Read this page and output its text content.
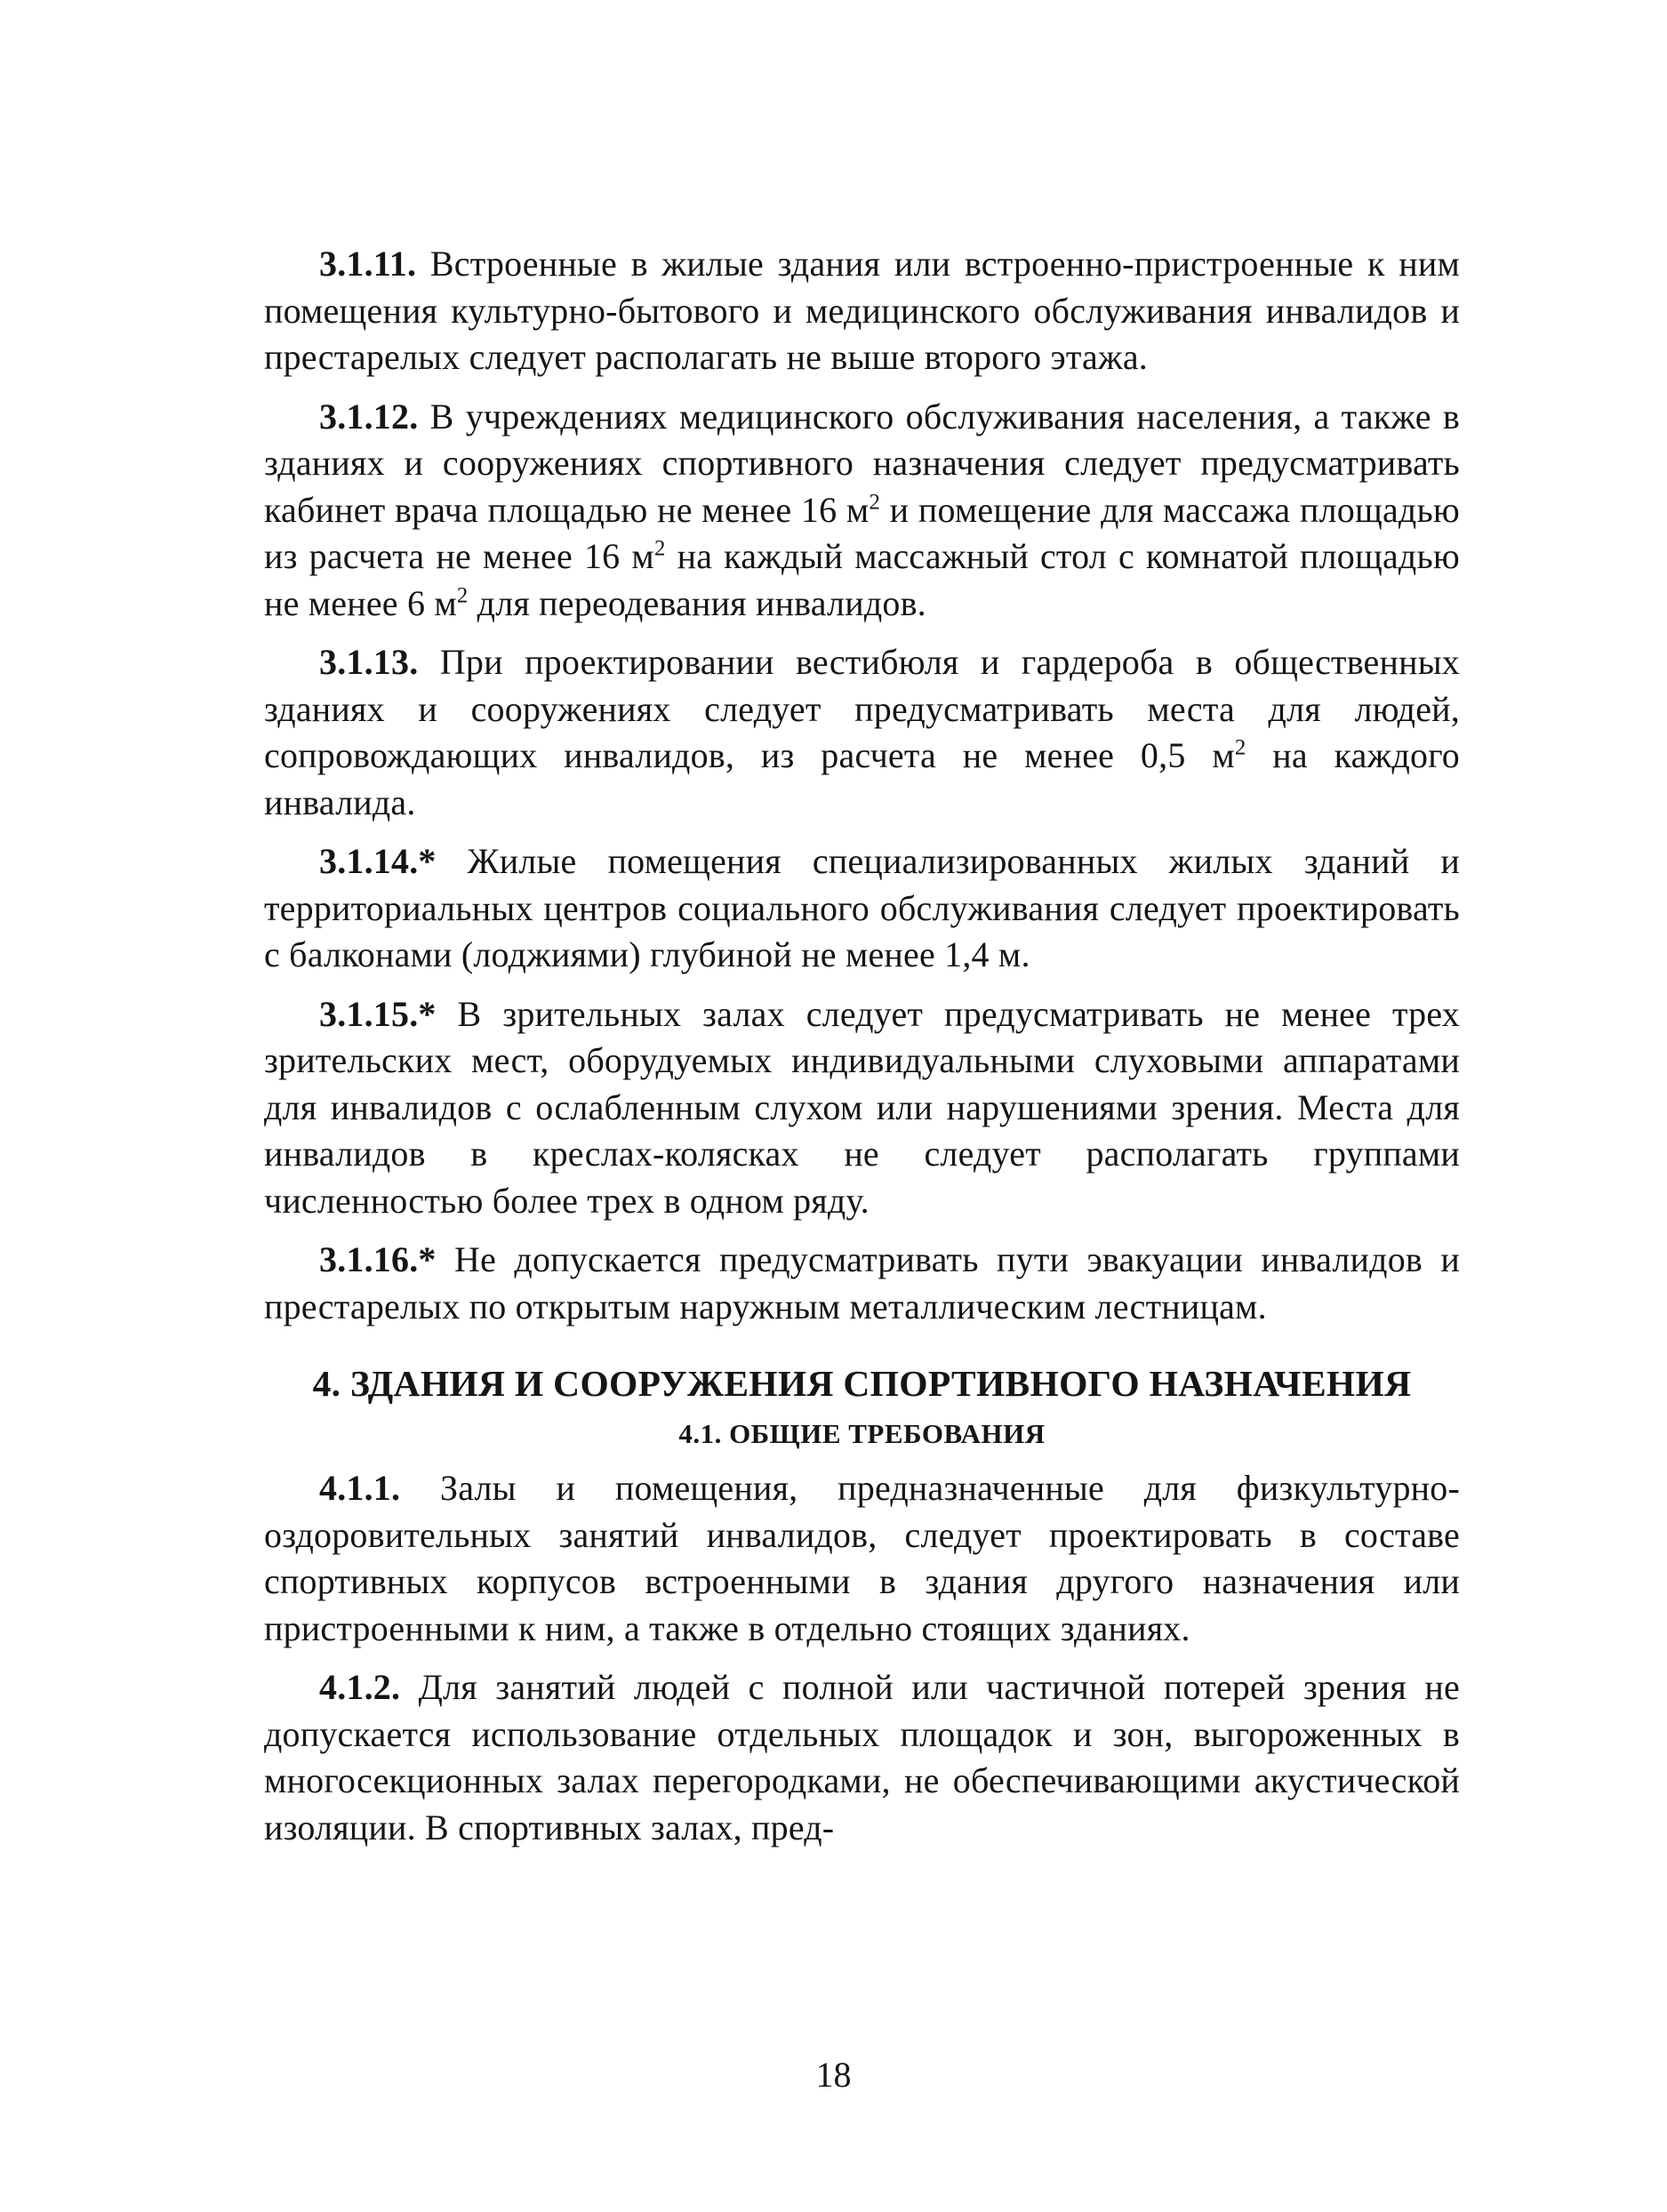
3.1.11. Встроенные в жилые здания или встроенно-пристроенные к ним помещения культурно-бытового и медицинского обслуживания инвалидов и престарелых следует располагать не выше второго этажа.

3.1.12. В учреждениях медицинского обслуживания населения, а также в зданиях и сооружениях спортивного назначения следует предусматривать кабинет врача площадью не менее 16 $м^2$ и помещение для массажа площадью из расчета не менее 16 $м^2$ на каждый массажный стол с комнатой площадью не менее 6 $м^2$ для переодевания инвалидов.

3.1.13. При проектировании вестибюля и гардероба в общественных зданиях и сооружениях следует предусматривать места для людей, сопровождающих инвалидов, из расчета не менее 0,5 $м^2$ на каждого инвалида.

3.1.14.* Жилые помещения специализированных жилых зданий и территориальных центров социального обслуживания следует проектировать с балконами (лоджиями) глубиной не менее 1,4 м.

3.1.15.* В зрительных залах следует предусматривать не менее трех зрительских мест, оборудуемых индивидуальными слуховыми аппаратами для инвалидов с ослабленным слухом или нарушениями зрения. Места для инвалидов в креслах-колясках не следует располагать группами численностью более трех в одном ряду.

3.1.16.* Не допускается предусматривать пути эвакуации инвалидов и престарелых по открытым наружным металлическим лестницам.

4. ЗДАНИЯ И СООРУЖЕНИЯ СПОРТИВНОГО НАЗНАЧЕНИЯ
4.1. ОБЩИЕ ТРЕБОВАНИЯ

4.1.1. Залы и помещения, предназначенные для физкультурно-оздоровительных занятий инвалидов, следует проектировать в составе спортивных корпусов встроенными в здания другого назначения или пристроенными к ним, а также в отдельно стоящих зданиях.

4.1.2. Для занятий людей с полной или частичной потерей зрения не допускается использование отдельных площадок и зон, выгороженных в многосекционных залах перегородками, не обеспечивающими акустической изоляции. В спортивных залах, пред-

18
